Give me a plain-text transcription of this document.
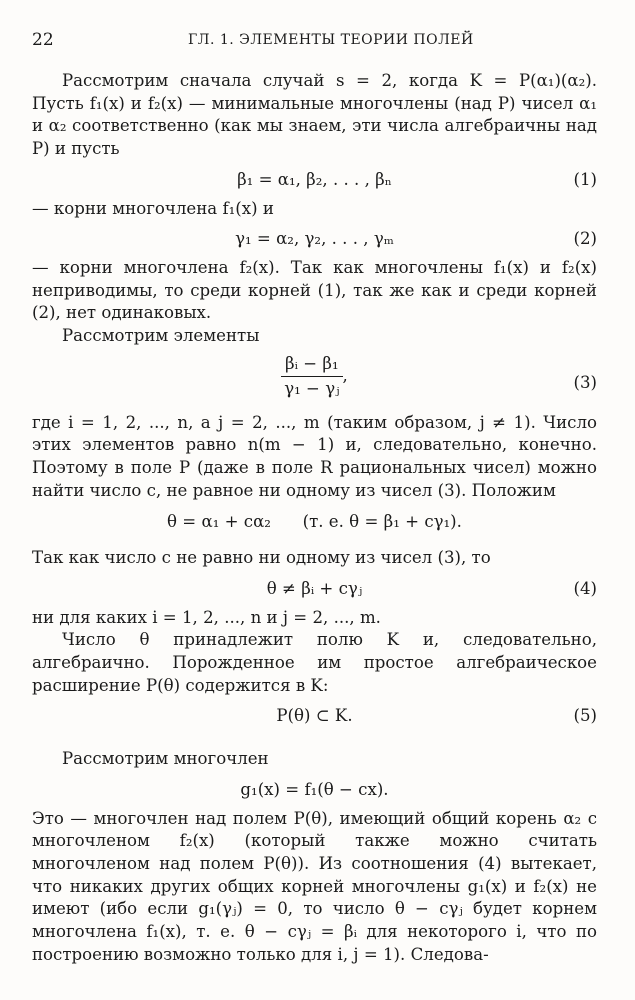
22	ГЛ. 1. ЭЛЕМЕНТЫ ТЕОРИИ ПОЛЕЙ

Рассмотрим сначала случай s = 2, когда K = P(α₁)(α₂). Пусть f₁(x) и f₂(x) — минимальные многочлены (над P) чисел α₁ и α₂ соответственно (как мы знаем, эти числа алгебраичны над P) и пусть

β₁ = α₁, β₂, . . . , βₙ	(1)

— корни многочлена f₁(x) и

γ₁ = α₂, γ₂, . . . , γₘ	(2)

— корни многочлена f₂(x). Так как многочлены f₁(x) и f₂(x) неприводимы, то среди корней (1), так же как и среди корней (2), нет одинаковых.

Рассмотрим элементы

$\frac{\text{βᵢ − β₁}}{\text{γ₁ − γⱼ}}$ ,	(3)

где i = 1, 2, ..., n, а j = 2, ..., m (таким образом, j ≠ 1). Число этих элементов равно n(m − 1) и, следовательно, конечно. Поэтому в поле P (даже в поле R рациональных чисел) можно найти число c, не равное ни одному из чисел (3). Положим

θ = α₁ + cα₂      (т. е. θ = β₁ + cγ₁).

Так как число c не равно ни одному из чисел (3), то

θ ≠ βᵢ + cγⱼ	(4)

ни для каких i = 1, 2, ..., n и j = 2, ..., m.

Число θ принадлежит полю K и, следовательно, алгебраично. Порожденное им простое алгебраическое расширение P(θ) содержится в K:

P(θ) ⊂ K.	(5)

Рассмотрим многочлен

g₁(x) = f₁(θ − cx).

Это — многочлен над полем P(θ), имеющий общий корень α₂ с многочленом f₂(x) (который также можно считать многочленом над полем P(θ)). Из соотношения (4) вытекает, что никаких других общих корней многочлены g₁(x) и f₂(x) не имеют (ибо если g₁(γⱼ) = 0, то число θ − cγⱼ будет корнем многочлена f₁(x), т. е. θ − cγⱼ = βᵢ для некоторого i, что по построению возможно только для i, j = 1). Следова-
